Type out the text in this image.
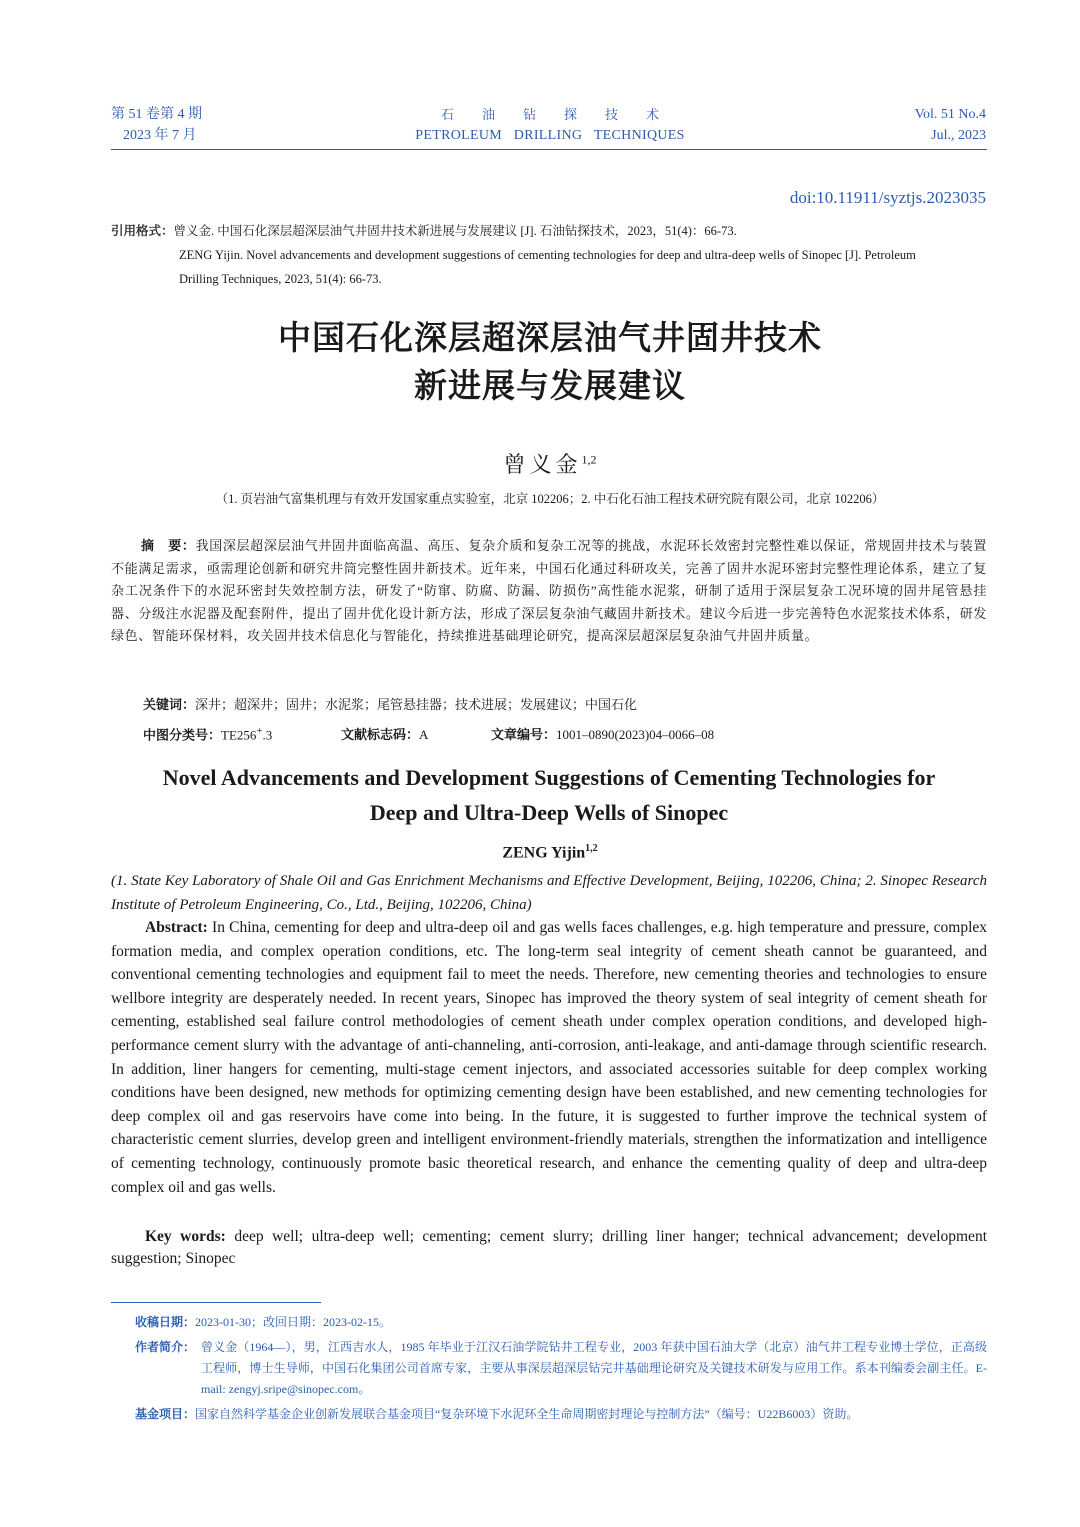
第 51 卷第 4 期
2023 年 7 月
石油钻探技术
PETROLEUM DRILLING TECHNIQUES
Vol. 51 No.4
Jul., 2023
doi:10.11911/syztjs.2023035
引用格式：曾义金. 中国石化深层超深层油气井固井技术新进展与发展建议 [J]. 石油钻探技术，2023，51(4)：66-73.
ZENG Yijin. Novel advancements and development suggestions of cementing technologies for deep and ultra-deep wells of Sinopec [J]. Petroleum
Drilling Techniques, 2023, 51(4): 66-73.
中国石化深层超深层油气井固井技术
新进展与发展建议
曾义金$^{1,2}$
（1. 页岩油气富集机理与有效开发国家重点实验室，北京 102206；2. 中石化石油工程技术研究院有限公司，北京 102206）
摘　要：我国深层超深层油气井固井面临高温、高压、复杂介质和复杂工况等的挑战，水泥环长效密封完整性难以保证，常规固井技术与装置不能满足需求，亟需理论创新和研究井筒完整性固井新技术。近年来，中国石化通过科研攻关，完善了固井水泥环密封完整性理论体系，建立了复杂工况条件下的水泥环密封失效控制方法，研发了“防窜、防腐、防漏、防损伤”高性能水泥浆，研制了适用于深层复杂工况环境的固井尾管悬挂器、分级注水泥器及配套附件，提出了固井优化设计新方法，形成了深层复杂油气藏固井新技术。建议今后进一步完善特色水泥浆技术体系，研发绿色、智能环保材料，攻关固井技术信息化与智能化，持续推进基础理论研究，提高深层超深层复杂油气井固井质量。
关键词：深井；超深井；固井；水泥浆；尾管悬挂器；技术进展；发展建议；中国石化
中图分类号：TE256+.3	文献标志码：A	文章编号：1001–0890(2023)04–0066–08
Novel Advancements and Development Suggestions of Cementing Technologies for
Deep and Ultra-Deep Wells of Sinopec
ZENG Yijin$^{1,2}$
(1. State Key Laboratory of Shale Oil and Gas Enrichment Mechanisms and Effective Development, Beijing, 102206, China; 2. Sinopec Research Institute of Petroleum Engineering, Co., Ltd., Beijing, 102206, China)
Abstract: In China, cementing for deep and ultra-deep oil and gas wells faces challenges, e.g. high temperature and pressure, complex formation media, and complex operation conditions, etc. The long-term seal integrity of cement sheath cannot be guaranteed, and conventional cementing technologies and equipment fail to meet the needs. Therefore, new cementing theories and technologies to ensure wellbore integrity are desperately needed. In recent years, Sinopec has improved the theory system of seal integrity of cement sheath for cementing, established seal failure control methodologies of cement sheath under complex operation conditions, and developed high-performance cement slurry with the advantage of anti-channeling, anti-corrosion, anti-leakage, and anti-damage through scientific research. In addition, liner hangers for cementing, multi-stage cement injectors, and associated accessories suitable for deep complex working conditions have been designed, new methods for optimizing cementing design have been established, and new cementing technologies for deep complex oil and gas reservoirs have come into being. In the future, it is suggested to further improve the technical system of characteristic cement slurries, develop green and intelligent environment-friendly materials, strengthen the informatization and intelligence of cementing technology, continuously promote basic theoretical research, and enhance the cementing quality of deep and ultra-deep complex oil and gas wells.
Key words: deep well; ultra-deep well; cementing; cement slurry; drilling liner hanger; technical advancement; development suggestion; Sinopec
收稿日期：2023-01-30；改回日期：2023-02-15。
作者简介： 曾义金（1964—），男，江西吉水人，1985 年毕业于江汉石油学院钻井工程专业，2003 年获中国石油大学（北京）油气井工程专业博士学位，正高级工程师，博士生导师，中国石化集团公司首席专家，主要从事深层超深层钻完井基础理论研究及关键技术研发与应用工作。系本刊编委会副主任。E-mail: zengyj.sripe@sinopec.com。
基金项目：国家自然科学基金企业创新发展联合基金项目“复杂环境下水泥环全生命周期密封理论与控制方法”（编号：U22B6003）资助。
